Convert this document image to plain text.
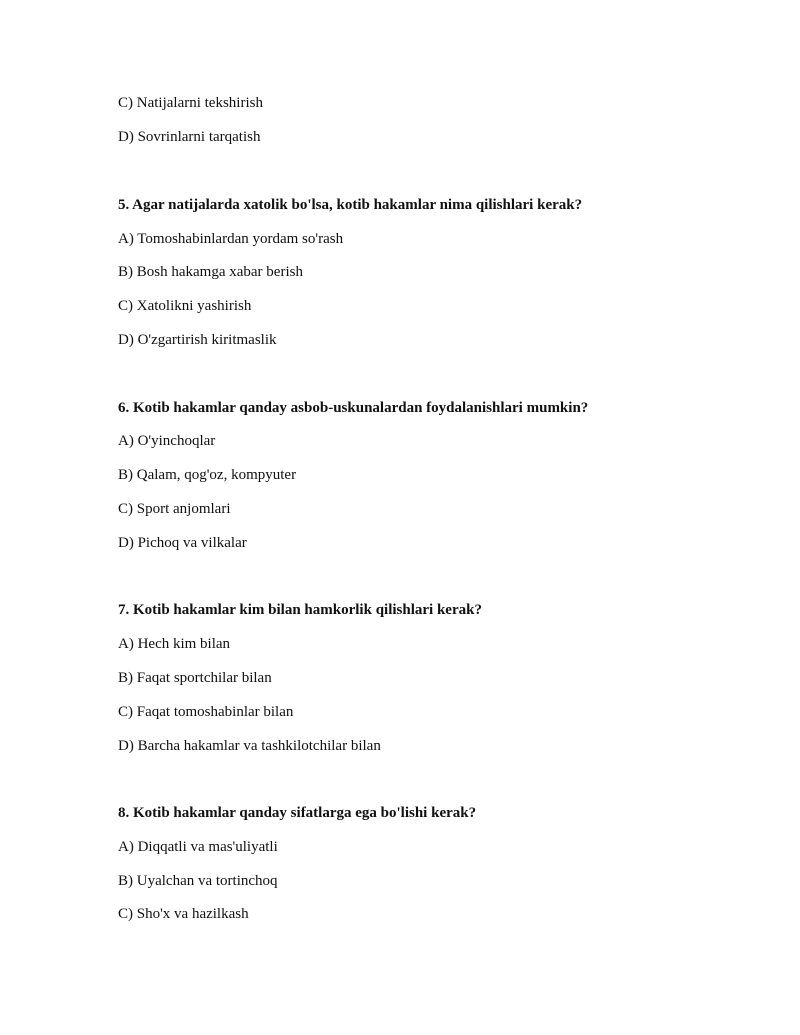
C) Natijalarni tekshirish
D) Sovrinlarni tarqatish
5. Agar natijalarda xatolik bo'lsa, kotib hakamlar nima qilishlari kerak?
A) Tomoshabinlardan yordam so'rash
B) Bosh hakamga xabar berish
C) Xatolikni yashirish
D) O'zgartirish kiritmaslik
6. Kotib hakamlar qanday asbob-uskunalardan foydalanishlari mumkin?
A) O'yinchoqlar
B) Qalam, qog'oz, kompyuter
C) Sport anjomlari
D) Pichoq va vilkalar
7. Kotib hakamlar kim bilan hamkorlik qilishlari kerak?
A) Hech kim bilan
B) Faqat sportchilar bilan
C) Faqat tomoshabinlar bilan
D) Barcha hakamlar va tashkilotchilar bilan
8. Kotib hakamlar qanday sifatlarga ega bo'lishi kerak?
A) Diqqatli va mas'uliyatli
B) Uyalchan va tortinchoq
C) Sho'x va hazilkash
